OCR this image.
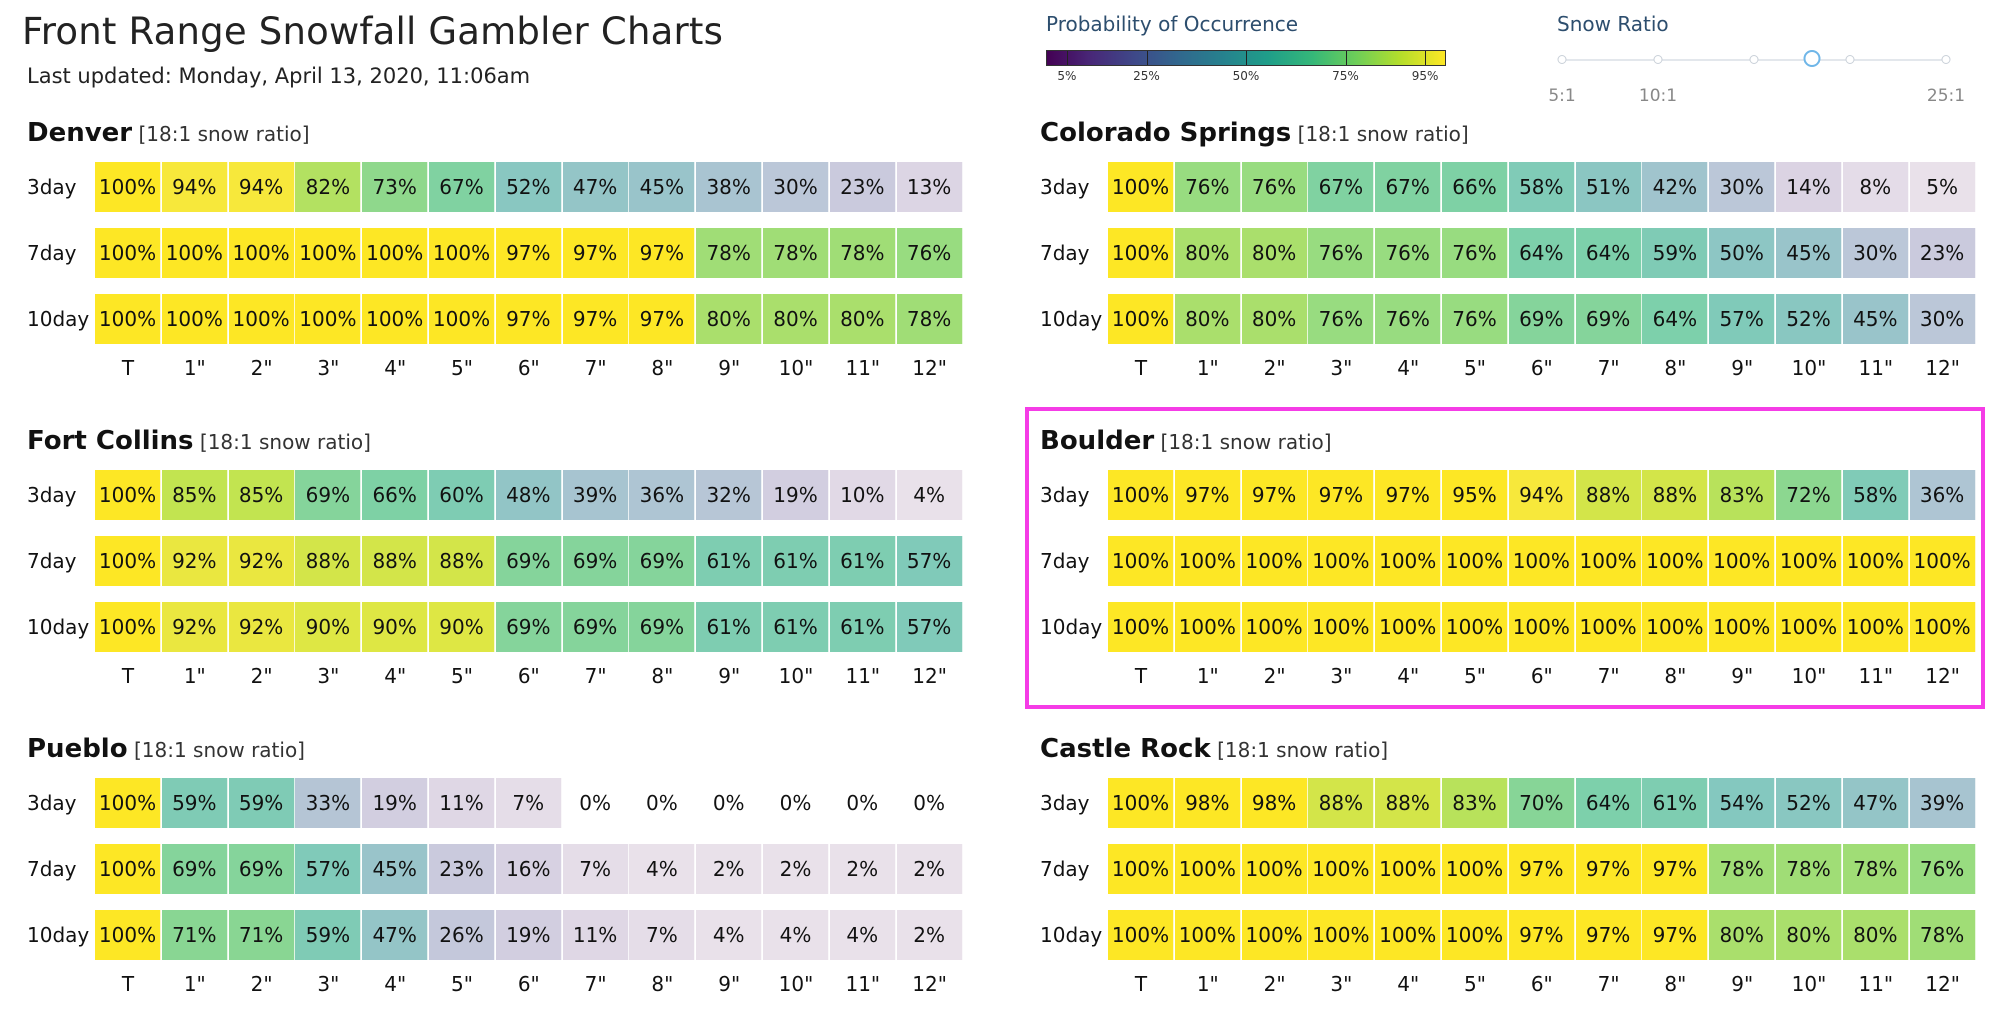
Front Range Snowfall Gambler Charts
Last updated: Monday, April 13, 2020, 11:06am
Probability of Occurrence
5%	25%	50%	75%	95%
Snow Ratio
5:1	10:1	25:1
Denver [18:1 snow ratio]
3day 100% 94%	94%	82%	73%	67%	52%	47%	45%	38%	30%	23%	13%
7day 100% 100% 100% 100% 100% 100% 97%	97%	97%	78%	78%	78%	76%
10day 100% 100% 100% 100% 100% 100% 97%	97%	97%	80%	80%	80%	78%
T	1"	2"	3"	4"	5"	6"	7"	8"	9"	10"	11"	12"
Colorado Springs [18:1 snow ratio]
3day 100% 76%	76%	67%	67%	66%	58%	51%	42%	30%	14%	8%	5%
7day 100% 80%	80%	76%	76%	76%	64%	64%	59%	50%	45%	30%	23%
10day 100% 80%	80%	76%	76%	76%	69%	69%	64%	57%	52%	45%	30%
T	1"	2"	3"	4"	5"	6"	7"	8"	9"	10"	11"	12"
Fort Collins [18:1 snow ratio]
3day 100% 85%	85%	69%	66%	60%	48%	39%	36%	32%	19%	10%	4%
7day 100% 92%	92%	88%	88%	88%	69%	69%	69%	61%	61%	61%	57%
10day 100% 92%	92%	90%	90%	90%	69%	69%	69%	61%	61%	61%	57%
T	1"	2"	3"	4"	5"	6"	7"	8"	9"	10"	11"	12"
Boulder [18:1 snow ratio]
3day 100% 97%	97%	97%	97%	95%	94%	88%	88%	83%	72%	58%	36%
7day 100% 100% 100% 100% 100% 100% 100% 100% 100% 100% 100% 100% 100%
10day 100% 100% 100% 100% 100% 100% 100% 100% 100% 100% 100% 100% 100%
T	1"	2"	3"	4"	5"	6"	7"	8"	9"	10"	11"	12"
Pueblo [18:1 snow ratio]
3day 100% 59%	59%	33%	19%	11%	7%	0%	0%	0%	0%	0%	0%
7day 100% 69%	69%	57%	45%	23%	16%	7%	4%	2%	2%	2%	2%
10day 100% 71%	71%	59%	47%	26%	19%	11%	7%	4%	4%	4%	2%
T	1"	2"	3"	4"	5"	6"	7"	8"	9"	10"	11"	12"
Castle Rock [18:1 snow ratio]
3day 100% 98%	98%	88%	88%	83%	70%	64%	61%	54%	52%	47%	39%
7day 100% 100% 100% 100% 100% 100% 97%	97%	97%	78%	78%	78%	76%
10day 100% 100% 100% 100% 100% 100% 97%	97%	97%	80%	80%	80%	78%
T	1"	2"	3"	4"	5"	6"	7"	8"	9"	10"	11"	12"
